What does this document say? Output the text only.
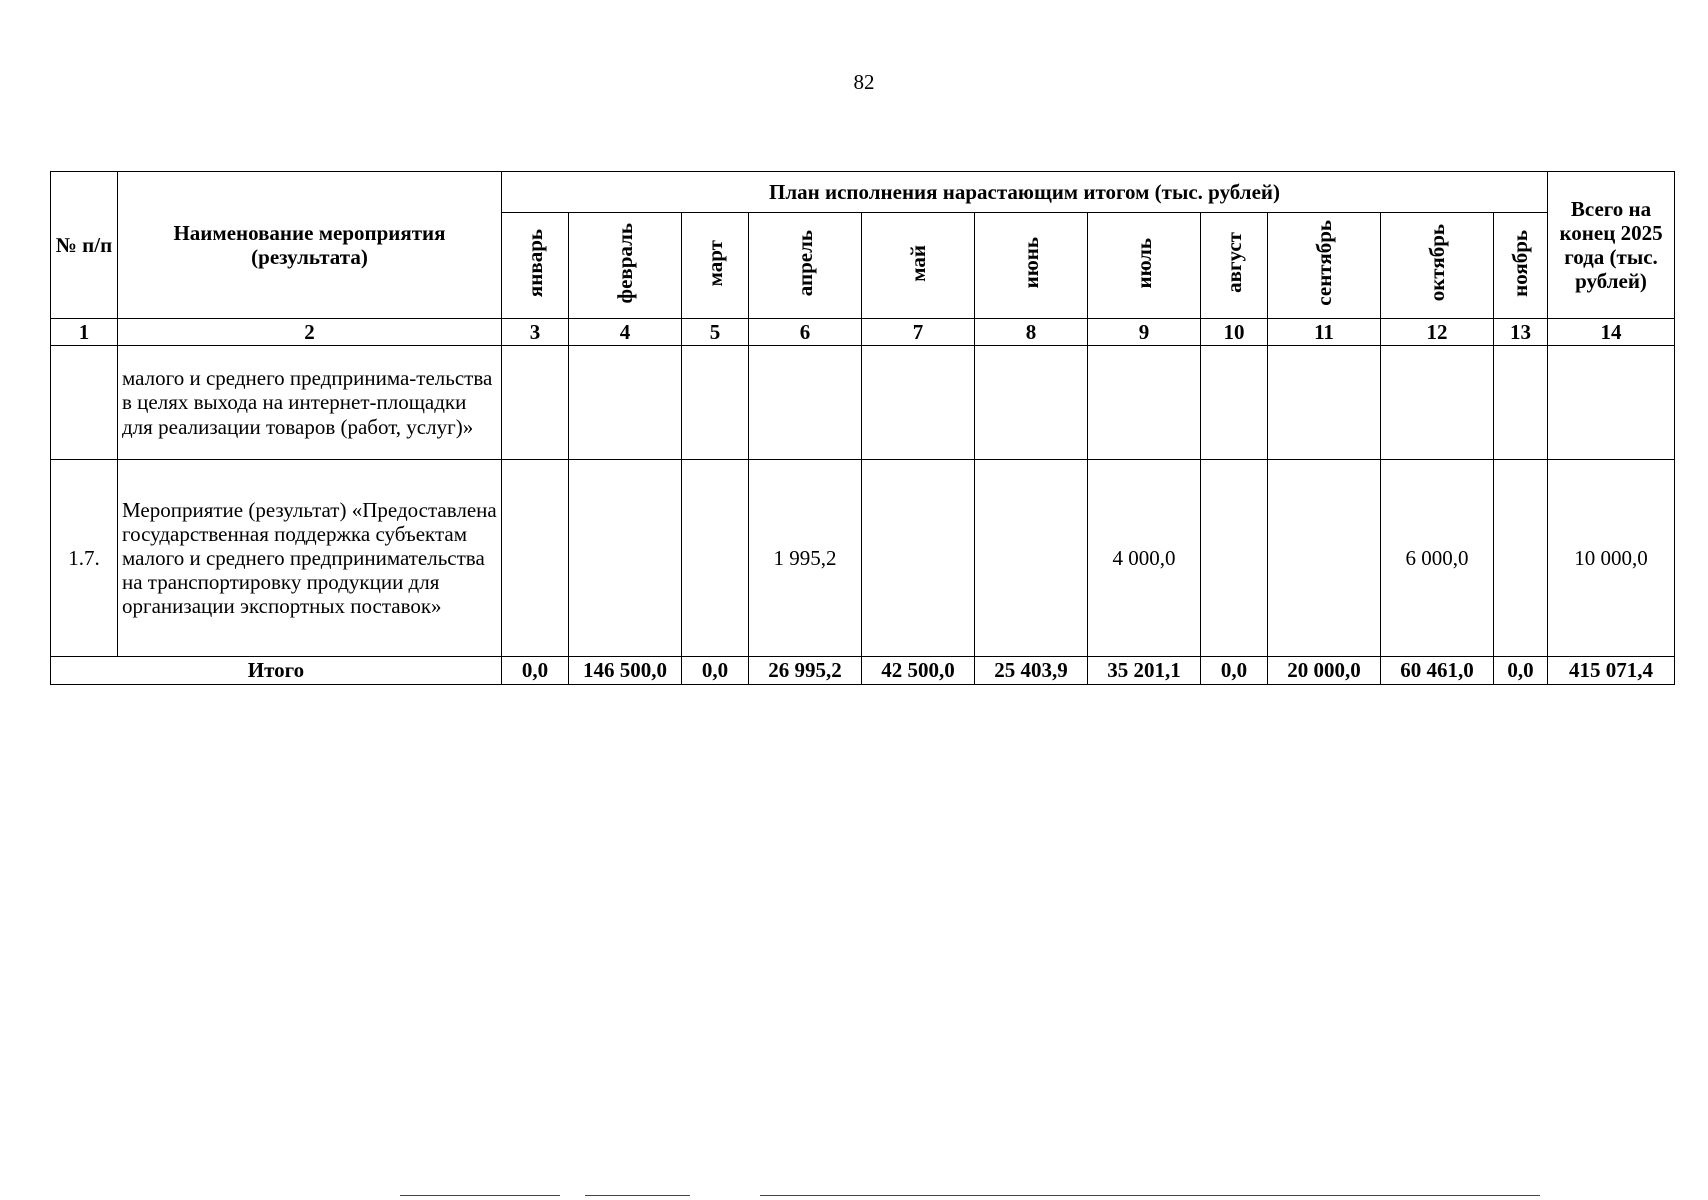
82
№ п/п	Наименование мероприятия (результата)	План исполнения нарастающим итогом (тыс. рублей)											Всего на конец 2025 года (тыс. рублей)
		январь	февраль	март	апрель	май	июнь	июль	август	сентябрь	октябрь	ноябрь	
1	2	3	4	5	6	7	8	9	10	11	12	13	14
	малого и среднего предпринима-тельства в целях выхода на интернет-площадки для реализации товаров (работ, услуг)»												
1.7.	Мероприятие (результат) «Предоставлена государственная поддержка субъектам малого и среднего предпринимательства на транспортировку продукции для организации экспортных поставок»				1 995,2			4 000,0			6 000,0		10 000,0
Итого		0,0	146 500,0	0,0	26 995,2	42 500,0	25 403,9	35 201,1	0,0	20 000,0	60 461,0	0,0	415 071,4
